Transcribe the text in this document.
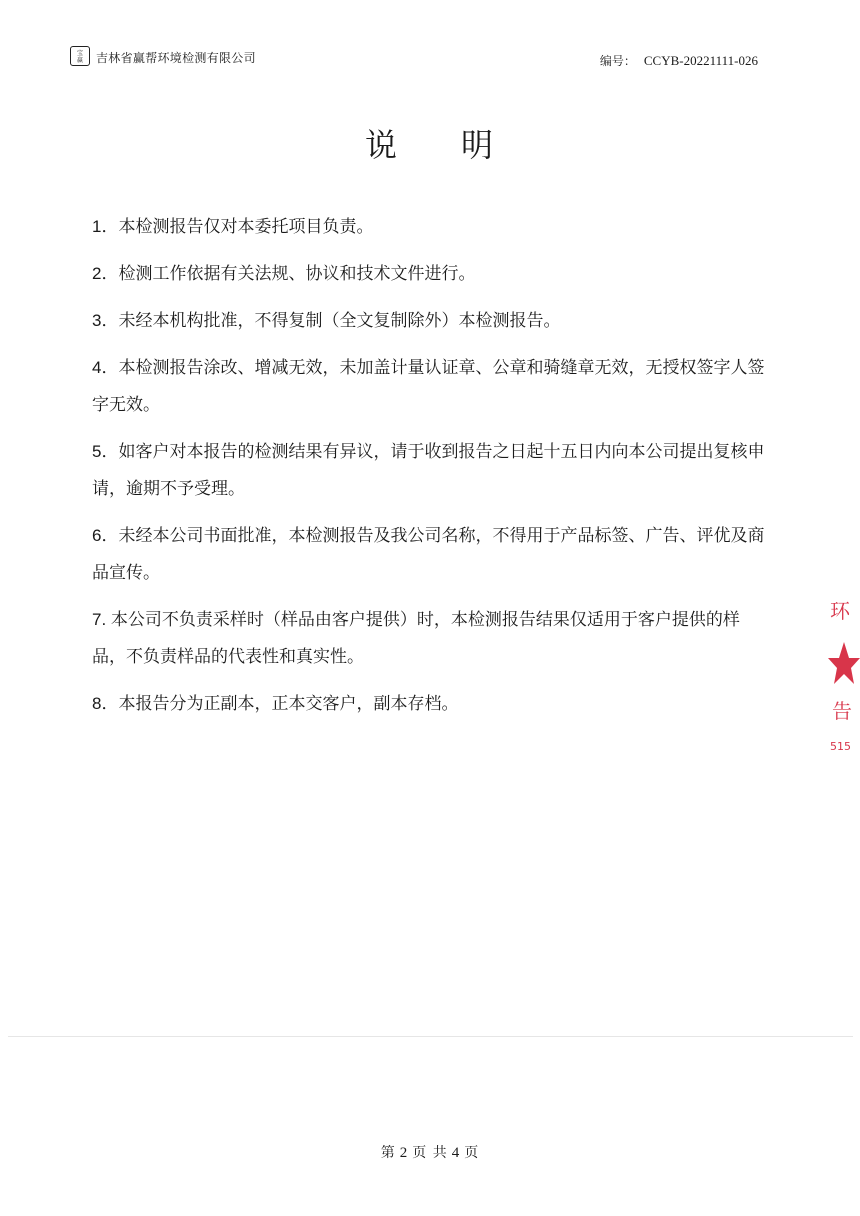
宝
赢 吉林省赢帮环境检测有限公司	编号： CCYB-20221111-026
说 明
1．本检测报告仅对本委托项目负责。
2．检测工作依据有关法规、协议和技术文件进行。
3．未经本机构批准，不得复制（全文复制除外）本检测报告。
4．本检测报告涂改、增减无效，未加盖计量认证章、公章和骑缝章无效，无授权签字人签字无效。
5．如客户对本报告的检测结果有异议，请于收到报告之日起十五日内向本公司提出复核申请，逾期不予受理。
6．未经本公司书面批准，本检测报告及我公司名称，不得用于产品标签、广告、评优及商品宣传。
7. 本公司不负责采样时（样品由客户提供）时，本检测报告结果仅适用于客户提供的样品，不负责样品的代表性和真实性。
8．本报告分为正副本，正本交客户，副本存档。
环
告
515
第 2 页 共 4 页
